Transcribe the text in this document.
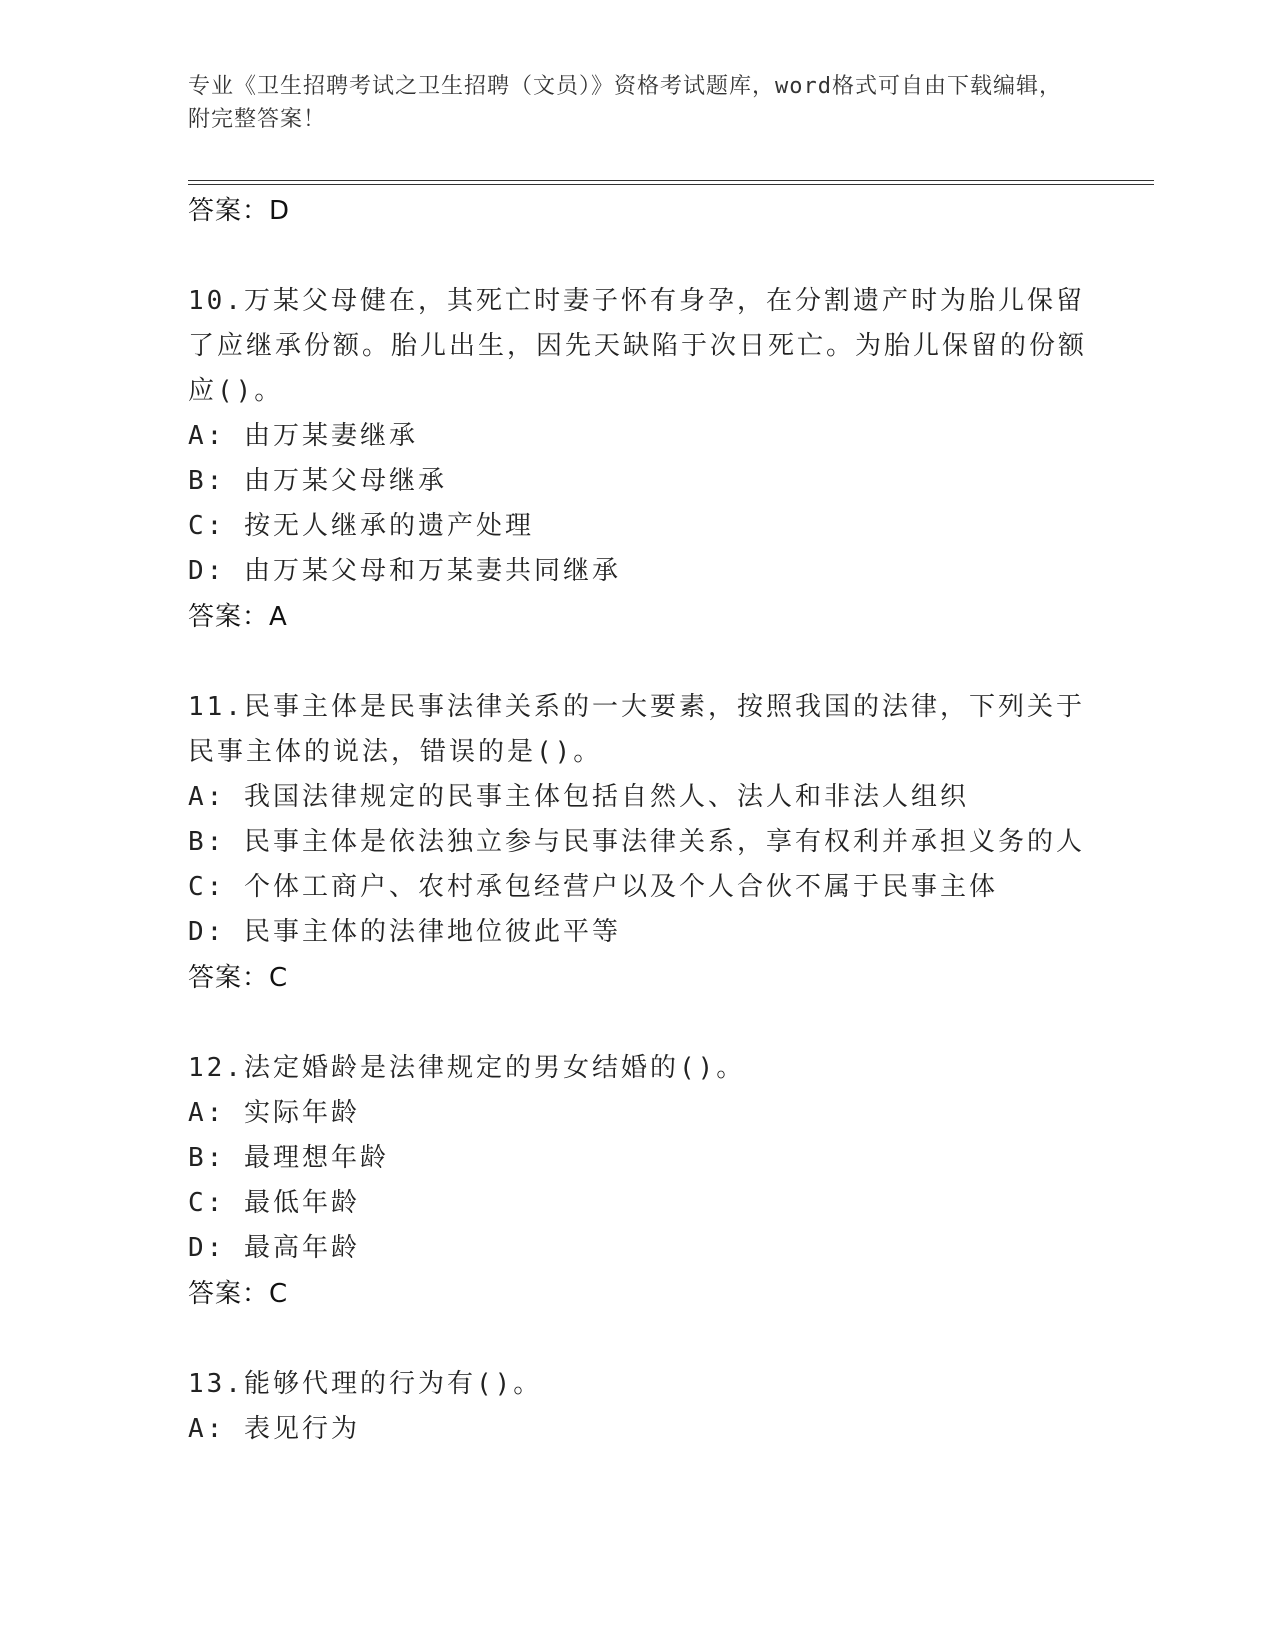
专业《卫生招聘考试之卫生招聘（文员）》资格考试题库，word格式可自由下载编辑，附完整答案！
答案：D
10.万某父母健在，其死亡时妻子怀有身孕，在分割遗产时为胎儿保留了应继承份额。胎儿出生，因先天缺陷于次日死亡。为胎儿保留的份额应()。
A: 由万某妻继承
B: 由万某父母继承
C: 按无人继承的遗产处理
D: 由万某父母和万某妻共同继承
答案：A
11.民事主体是民事法律关系的一大要素，按照我国的法律，下列关于民事主体的说法，错误的是()。
A: 我国法律规定的民事主体包括自然人、法人和非法人组织
B: 民事主体是依法独立参与民事法律关系，享有权利并承担义务的人
C: 个体工商户、农村承包经营户以及个人合伙不属于民事主体
D: 民事主体的法律地位彼此平等
答案：C
12.法定婚龄是法律规定的男女结婚的()。
A: 实际年龄
B: 最理想年龄
C: 最低年龄
D: 最高年龄
答案：C
13.能够代理的行为有()。
A: 表见行为
